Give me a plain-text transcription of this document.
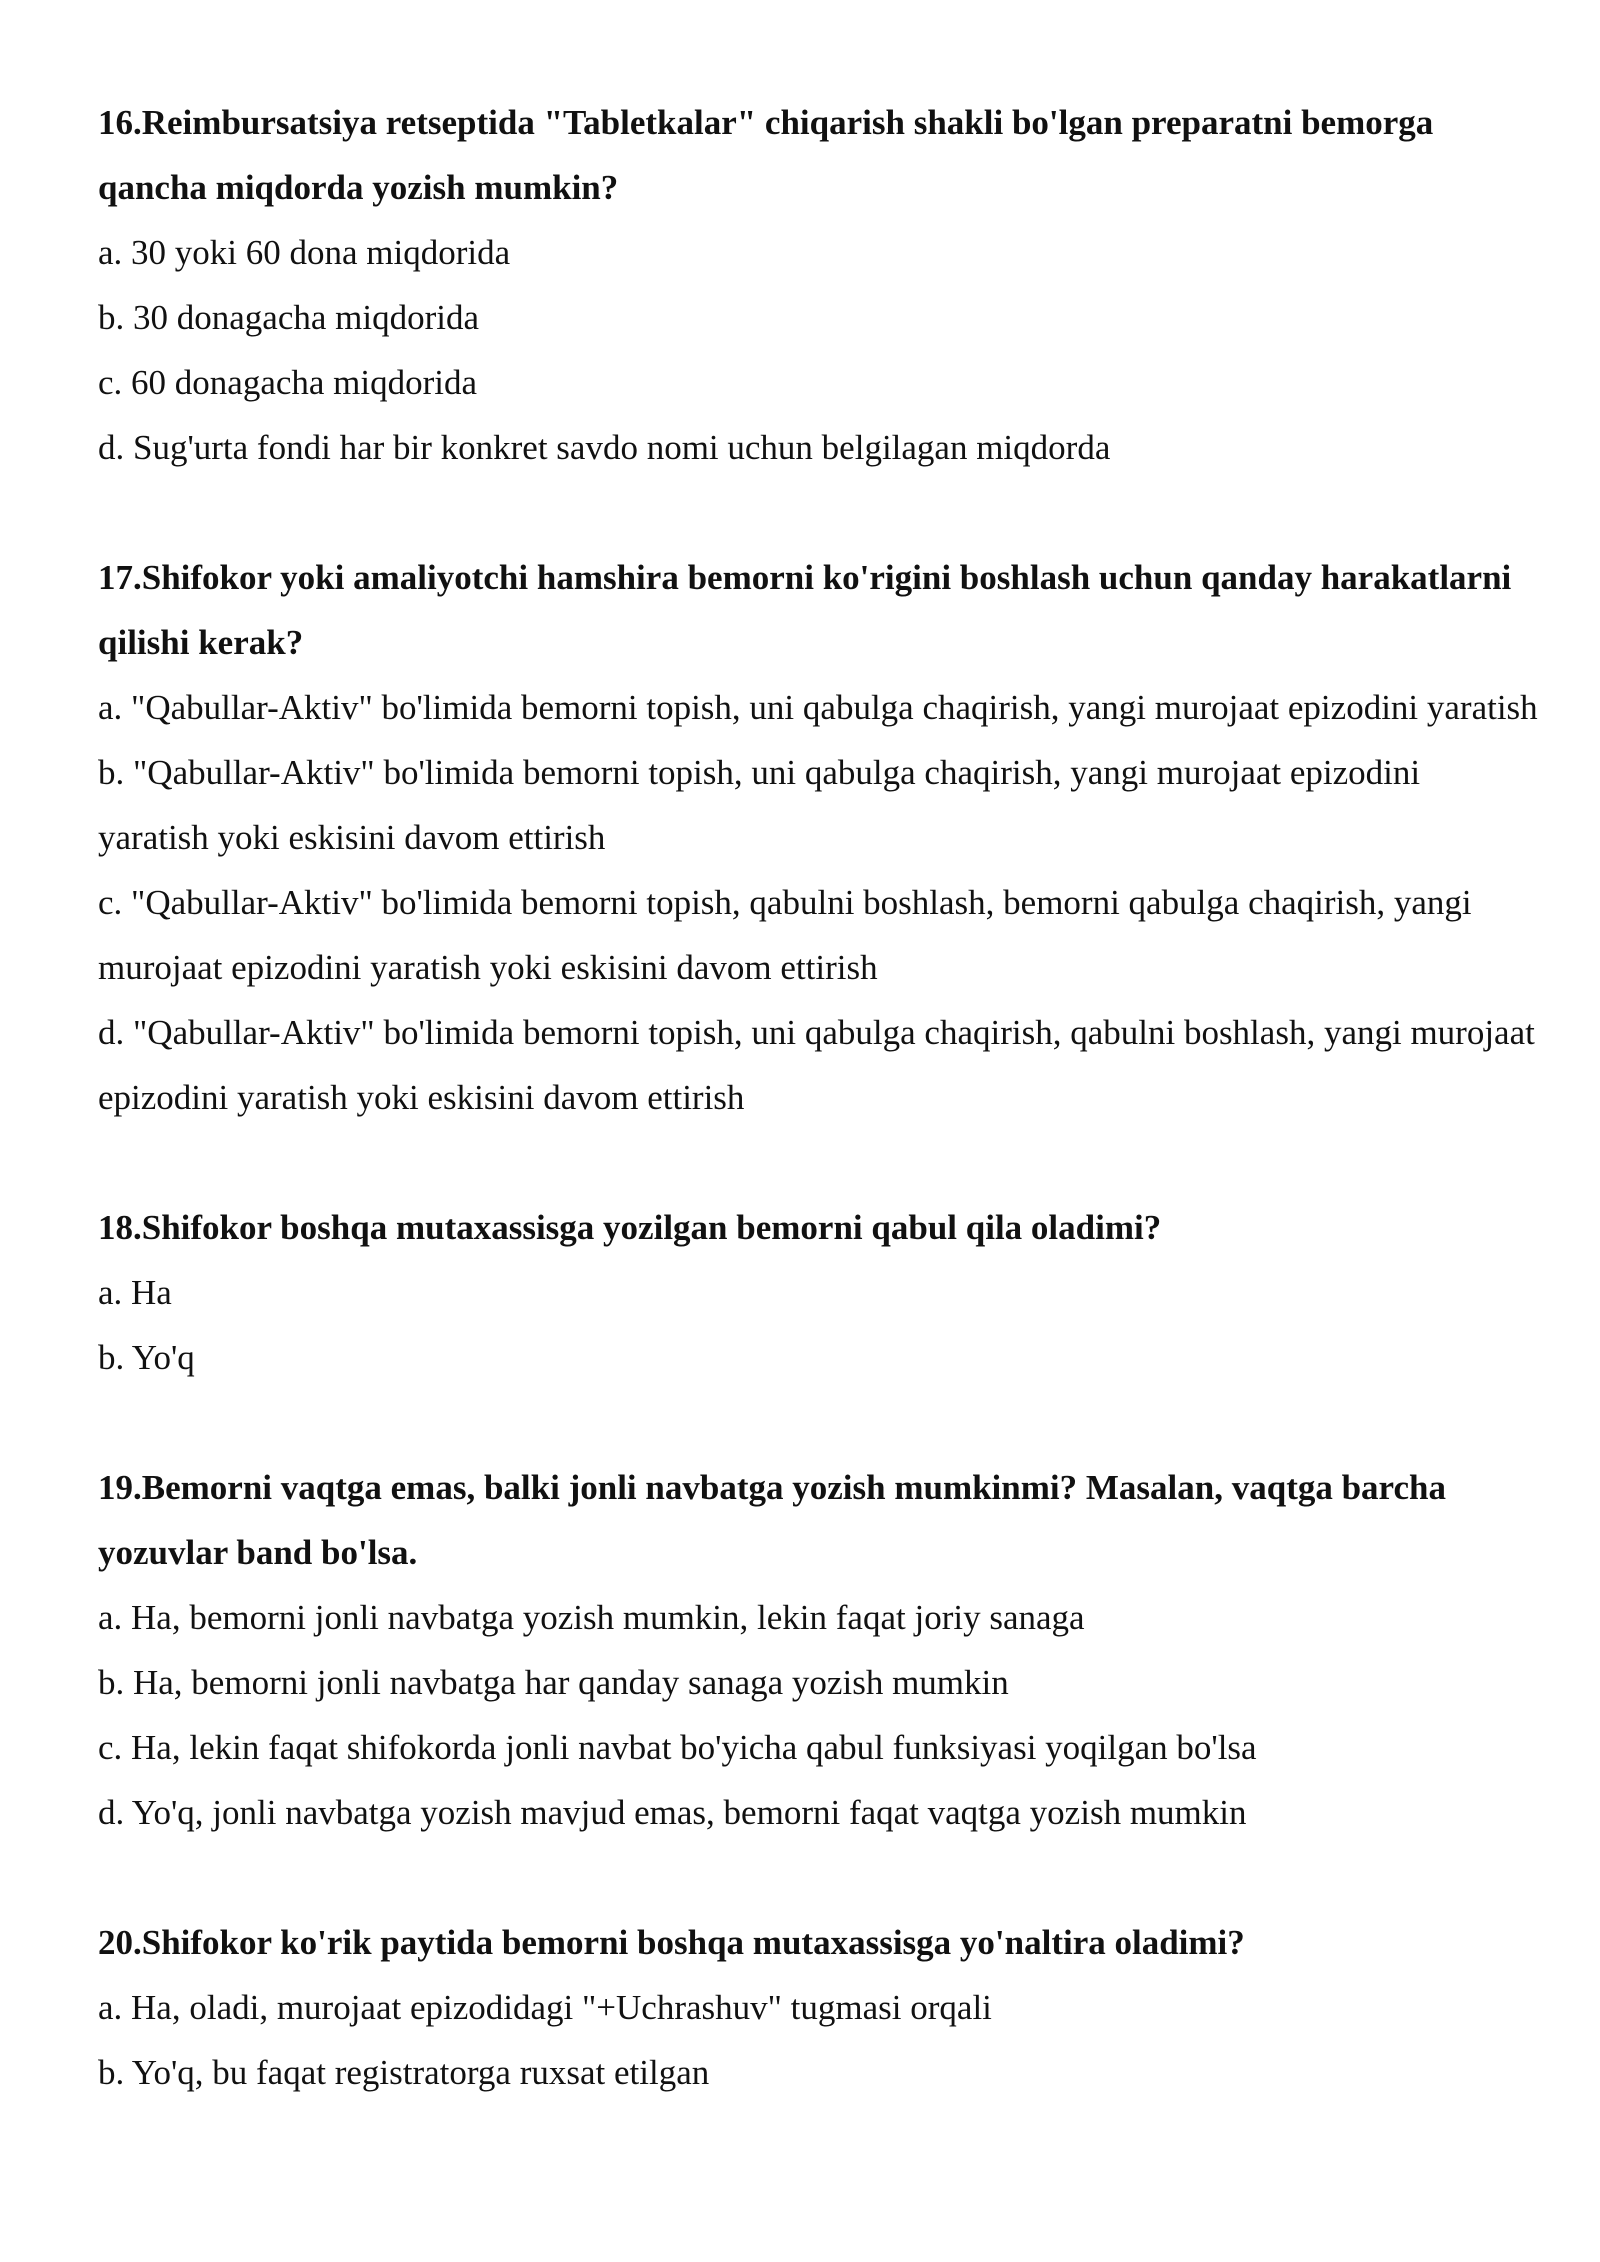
16.Reimbursatsiya retseptida "Tabletkalar" chiqarish shakli bo'lgan preparatni bemorga qancha miqdorda yozish mumkin?

a. 30 yoki 60 dona miqdorida
b. 30 donagacha miqdorida
c. 60 donagacha miqdorida
d. Sug'urta fondi har bir konkret savdo nomi uchun belgilagan miqdorda

17.Shifokor yoki amaliyotchi hamshira bemorni ko'rigini boshlash uchun qanday harakatlarni qilishi kerak?

a. "Qabullar-Aktiv" bo'limida bemorni topish, uni qabulga chaqirish, yangi murojaat epizodini yaratish
b. "Qabullar-Aktiv" bo'limida bemorni topish, uni qabulga chaqirish, yangi murojaat epizodini yaratish yoki eskisini davom ettirish
c. "Qabullar-Aktiv" bo'limida bemorni topish, qabulni boshlash, bemorni qabulga chaqirish, yangi murojaat epizodini yaratish yoki eskisini davom ettirish
d. "Qabullar-Aktiv" bo'limida bemorni topish, uni qabulga chaqirish, qabulni boshlash, yangi murojaat epizodini yaratish yoki eskisini davom ettirish

18.Shifokor boshqa mutaxassisga yozilgan bemorni qabul qila oladimi?

a. Ha
b. Yo'q

19.Bemorni vaqtga emas, balki jonli navbatga yozish mumkinmi? Masalan, vaqtga barcha yozuvlar band bo'lsa.

a. Ha, bemorni jonli navbatga yozish mumkin, lekin faqat joriy sanaga
b. Ha, bemorni jonli navbatga har qanday sanaga yozish mumkin
c. Ha, lekin faqat shifokorda jonli navbat bo'yicha qabul funksiyasi yoqilgan bo'lsa
d. Yo'q, jonli navbatga yozish mavjud emas, bemorni faqat vaqtga yozish mumkin

20.Shifokor ko'rik paytida bemorni boshqa mutaxassisga yo'naltira oladimi?

a. Ha, oladi, murojaat epizodidagi "+Uchrashuv" tugmasi orqali
b. Yo'q, bu faqat registratorga ruxsat etilgan
